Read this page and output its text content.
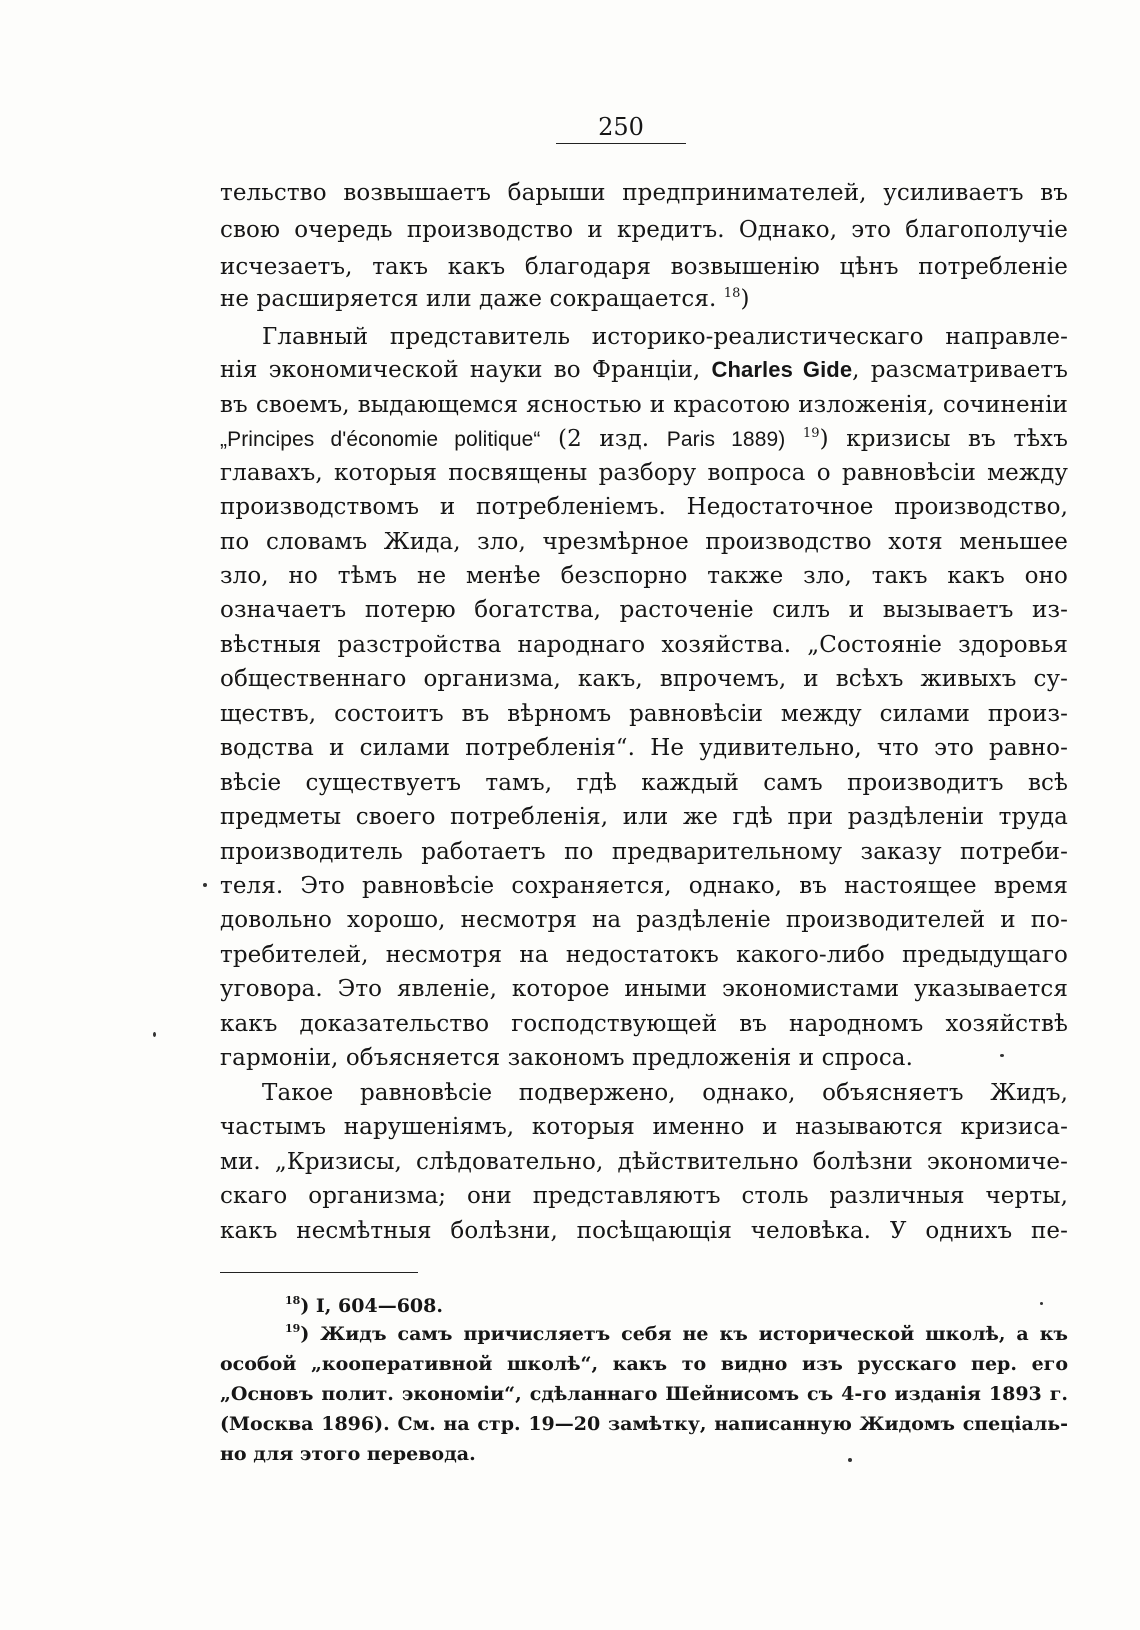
250
тельство возвышаетъ барыши предпринимателей, усиливаетъ въ
свою очередь производство и кредитъ. Однако, это благополучіе
исчезаетъ, такъ какъ благодаря возвышенію цѣнъ потребленіе
не расширяется или даже сокращается. $^{18}$)
Главный представитель историко-реалистическаго направле-
нія экономической науки во Франціи, Charles Gide, разсматриваетъ
въ своемъ, выдающемся ясностью и красотою изложенія, сочиненіи
„Principes d'économie politique“ (2 изд. Paris 1889) $^{19}$) кризисы въ тѣхъ
главахъ, которыя посвящены разбору вопроса о равновѣсіи между
производствомъ и потребленіемъ. Недостаточное производство,
по словамъ Жида, зло, чрезмѣрное производство хотя меньшее
зло, но тѣмъ не менѣе безспорно также зло, такъ какъ оно
означаетъ потерю богатства, расточеніе силъ и вызываетъ из-
вѣстныя разстройства народнаго хозяйства. „Состояніе здоровья
общественнаго организма, какъ, впрочемъ, и всѣхъ живыхъ су-
ществъ, состоитъ въ вѣрномъ равновѣсіи между силами произ-
водства и силами потребленія“. Не удивительно, что это равно-
вѣсіе существуетъ тамъ, гдѣ каждый самъ производитъ всѣ
предметы своего потребленія, или же гдѣ при раздѣленіи труда
производитель работаетъ по предварительному заказу потреби-
теля. Это равновѣсіе сохраняется, однако, въ настоящее время
довольно хорошо, несмотря на раздѣленіе производителей и по-
требителей, несмотря на недостатокъ какого-либо предыдущаго
уговора. Это явленіе, которое иными экономистами указывается
какъ доказательство господствующей въ народномъ хозяйствѣ
гармоніи, объясняется закономъ предложенія и спроса.
Такое равновѣсіе подвержено, однако, объясняетъ Жидъ,
частымъ нарушеніямъ, которыя именно и называются кризиса-
ми. „Кризисы, слѣдовательно, дѣйствительно болѣзни экономиче-
скаго организма; они представляютъ столь различныя черты,
какъ несмѣтныя болѣзни, посѣщающія человѣка. У однихъ пе-
$^{18}$) I, 604—608.
$^{19}$) Жидъ самъ причисляетъ себя не къ исторической школѣ, а къ
особой „кооперативной школѣ“, какъ то видно изъ русскаго пер. его
„Основъ полит. экономіи“, сдѣланнаго Шейнисомъ съ 4-го изданія 1893 г.
(Москва 1896). См. на стр. 19—20 замѣтку, написанную Жидомъ спеціаль-
но для этого перевода.
